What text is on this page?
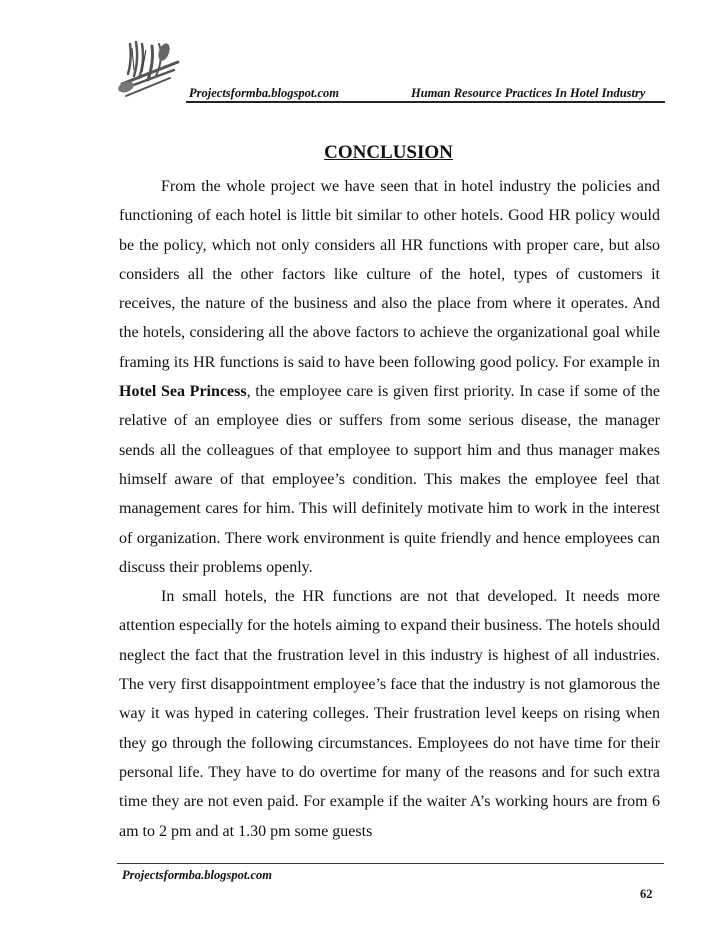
Projectsformba.blogspot.com	Human Resource Practices In Hotel Industry
CONCLUSION

From the whole project we have seen that in hotel industry the policies and functioning of each hotel is little bit similar to other hotels. Good HR policy would be the policy, which not only considers all HR functions with proper care, but also considers all the other factors like culture of the hotel, types of customers it receives, the nature of the business and also the place from where it operates. And the hotels, considering all the above factors to achieve the organizational goal while framing its HR functions is said to have been following good policy. For example in Hotel Sea Princess, the employee care is given first priority. In case if some of the relative of an employee dies or suffers from some serious disease, the manager sends all the colleagues of that employee to support him and thus manager makes himself aware of that employee’s condition. This makes the employee feel that management cares for him. This will definitely motivate him to work in the interest of organization. There work environment is quite friendly and hence employees can discuss their problems openly.

In small hotels, the HR functions are not that developed. It needs more attention especially for the hotels aiming to expand their business. The hotels should neglect the fact that the frustration level in this industry is highest of all industries. The very first disappointment employee’s face that the industry is not glamorous the way it was hyped in catering colleges. Their frustration level keeps on rising when they go through the following circumstances. Employees do not have time for their personal life. They have to do overtime for many of the reasons and for such extra time they are not even paid. For example if the waiter A’s working hours are from 6 am to 2 pm and at 1.30 pm some guests

Projectsformba.blogspot.com
62
